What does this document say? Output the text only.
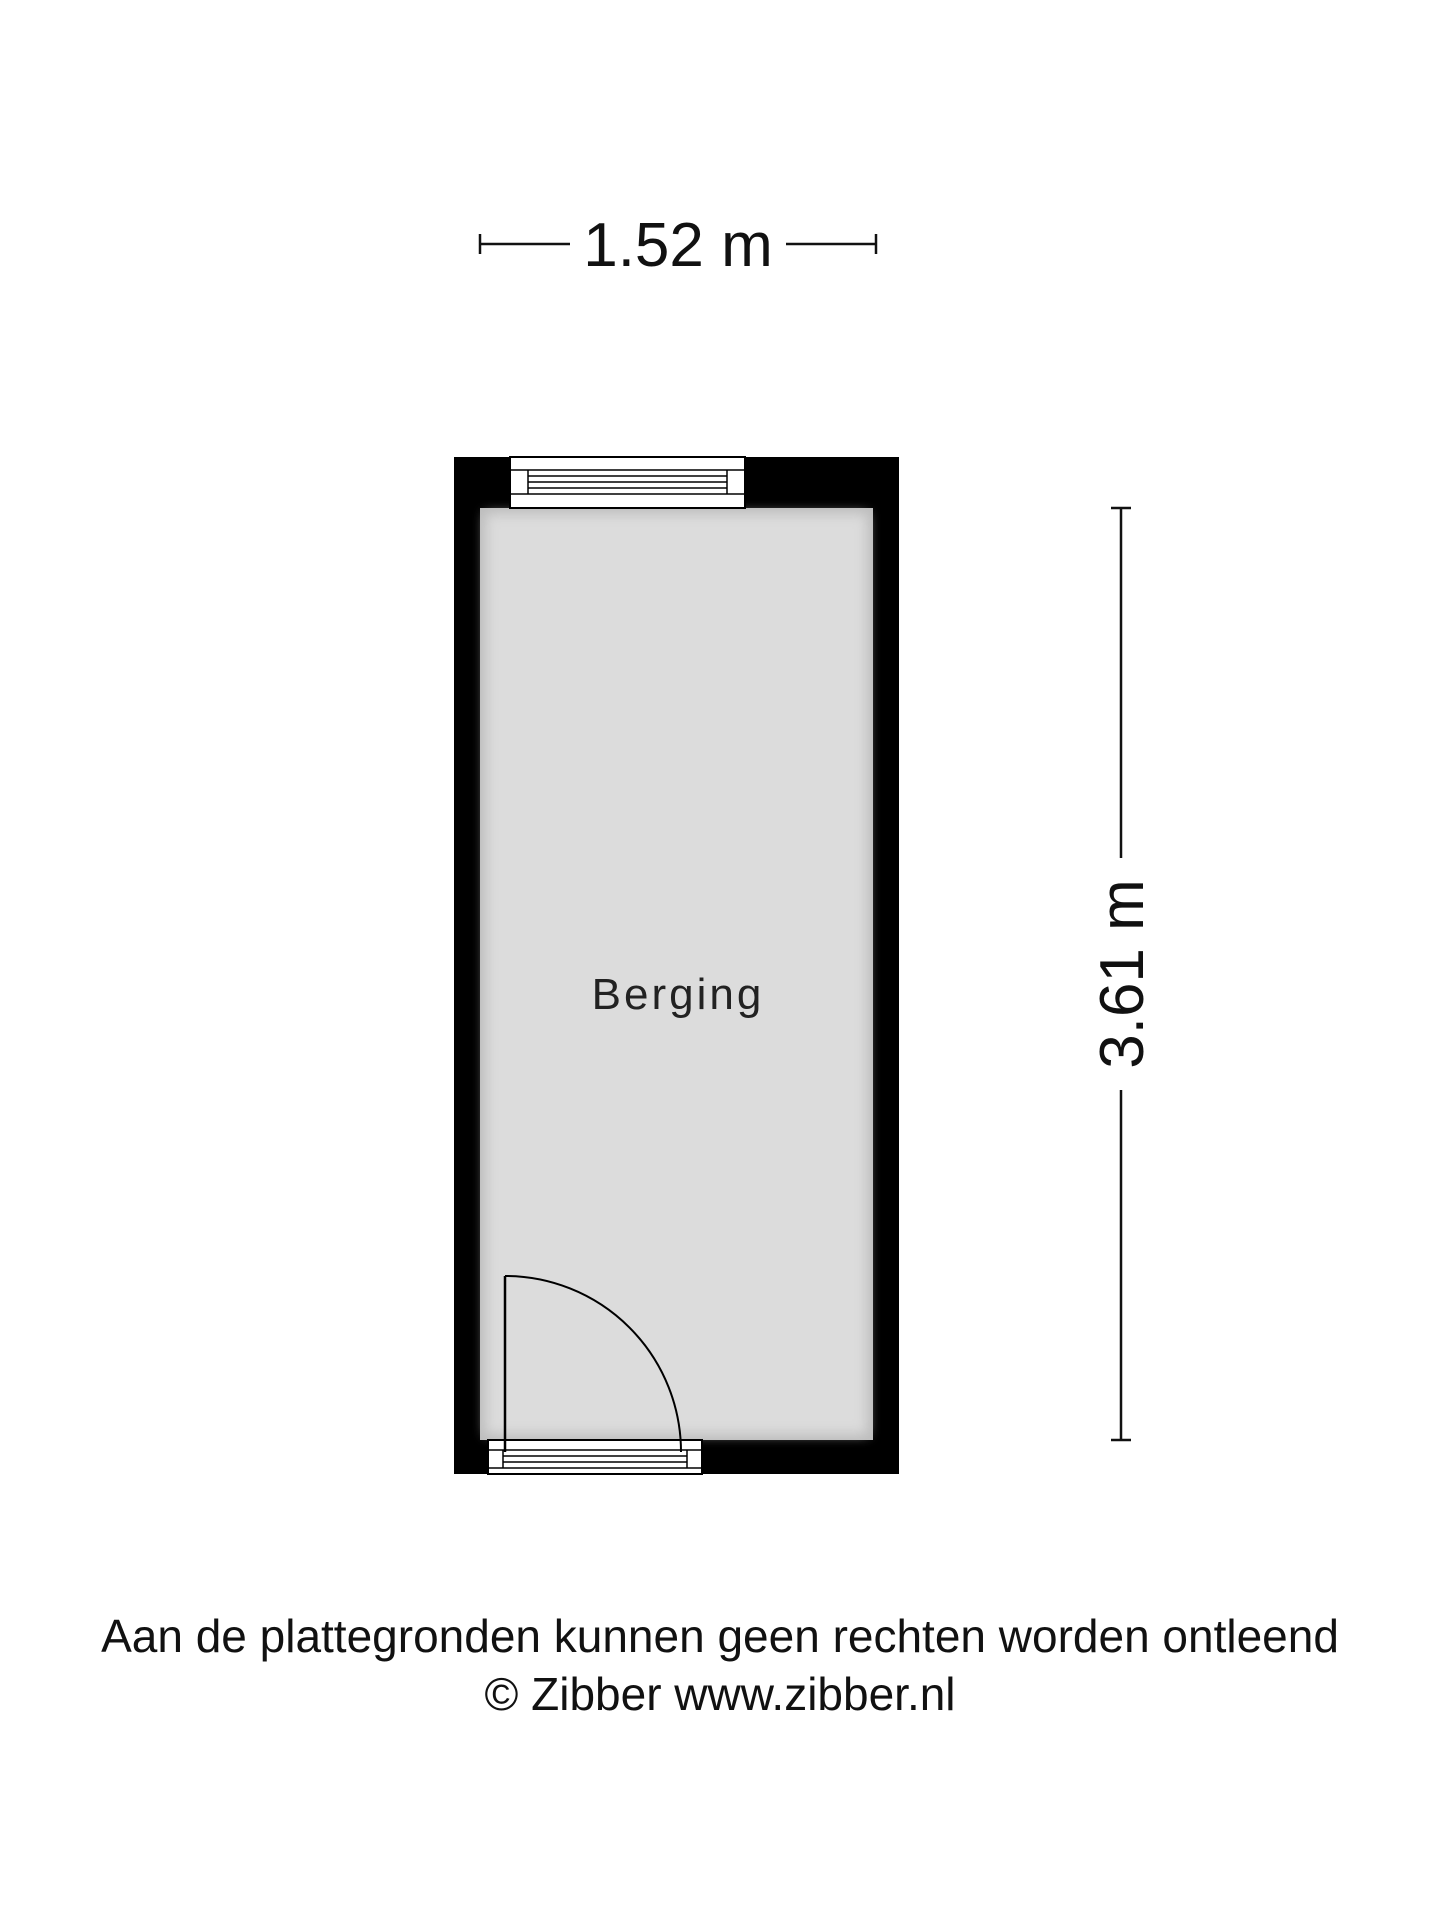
1.52 m
3.61 m
Berging
Aan de plattegronden kunnen geen rechten worden ontleend
© Zibber www.zibber.nl
